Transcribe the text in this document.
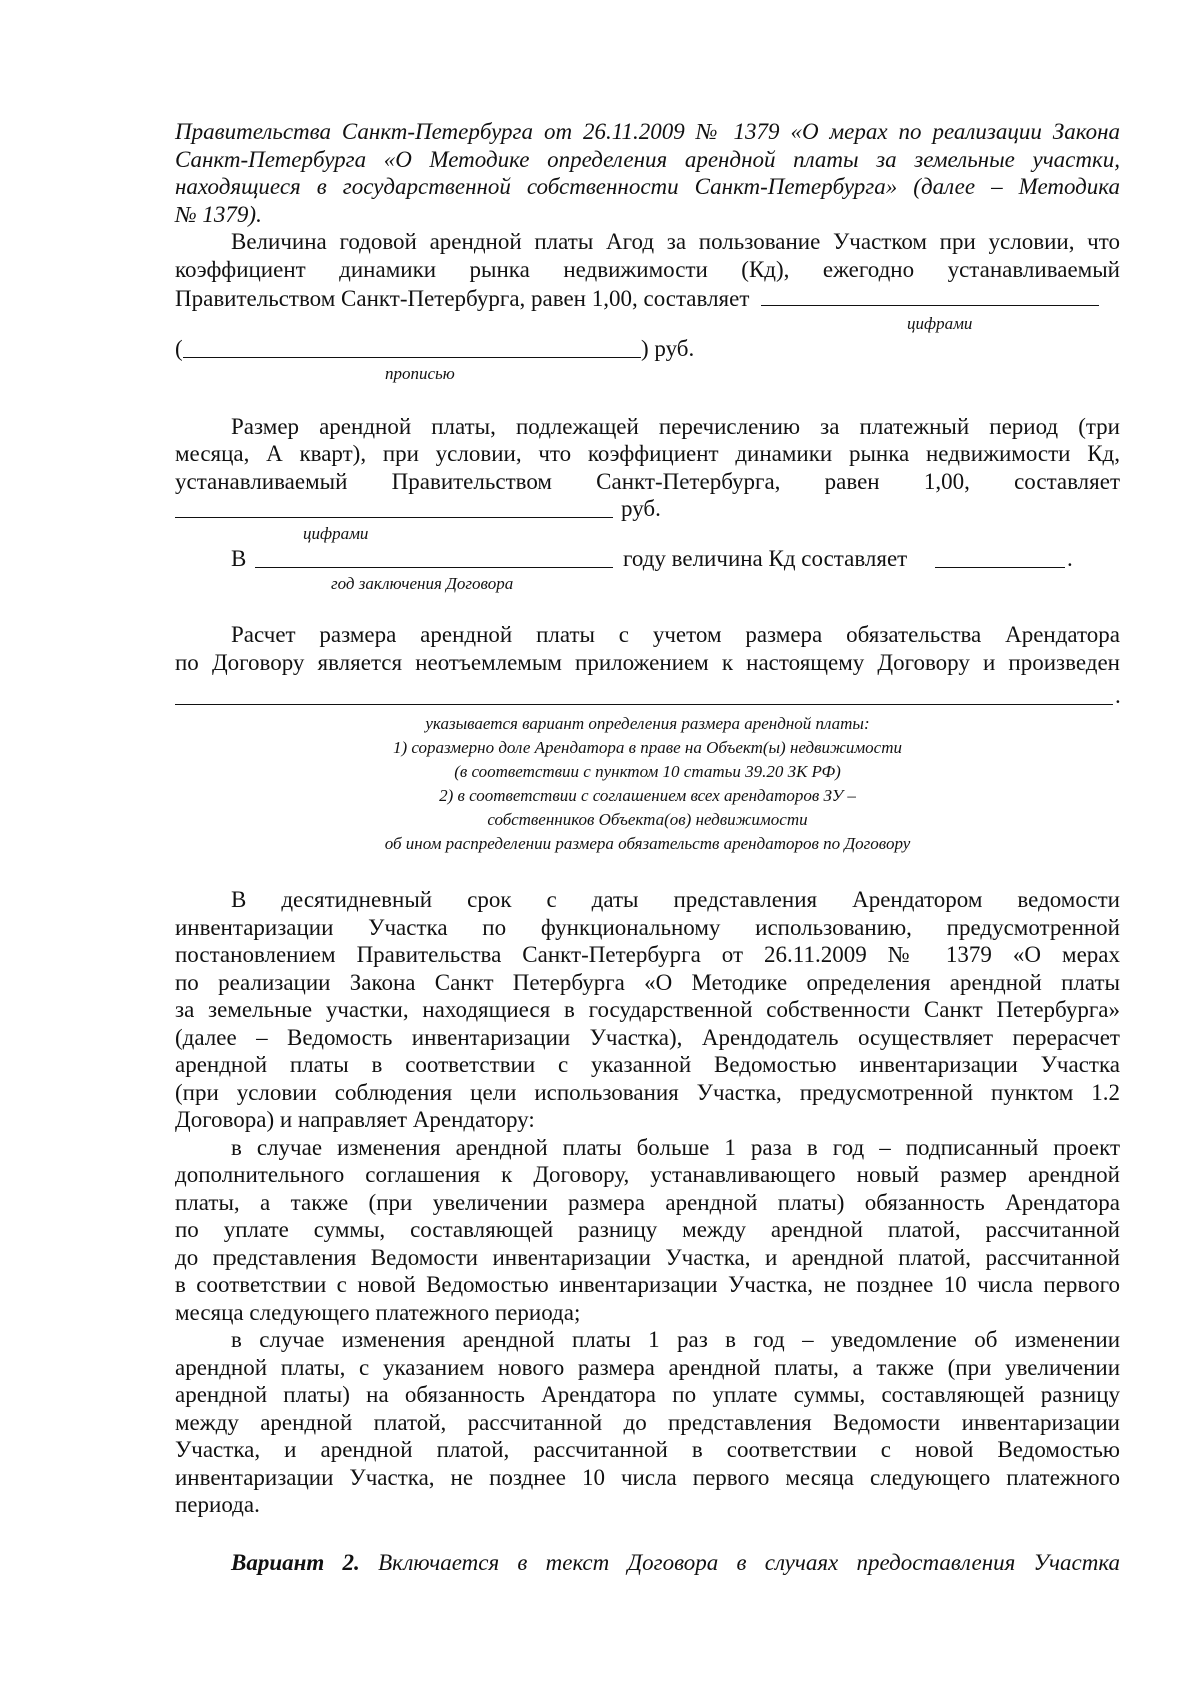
Правительства Санкт-Петербурга от 26.11.2009 № 1379 «О мерах по реализации Закона

Санкт-Петербурга «О Методике определения арендной платы за земельные участки,

находящиеся в государственной собственности Санкт-Петербурга» (далее – Методика

№ 1379).

Величина годовой арендной платы Агод за пользование Участком при условии, что

коэффициент динамики рынка недвижимости (Кд), ежегодно устанавливаемый

Правительством Санкт-Петербурга, равен 1,00, составляет

цифрами
(	) руб.
прописью

Размер арендной платы, подлежащей перечислению за платежный период (три

месяца, А кварт), при условии, что коэффициент динамики рынка недвижимости Кд,

устанавливаемый Правительством Санкт-Петербурга, равен 1,00, составляет

руб.
цифрами
В	году величина Кд составляет	.
год заключения Договора

Расчет размера арендной платы с учетом размера обязательства Арендатора

по Договору является неотъемлемым приложением к настоящему Договору и произведен

.

указывается вариант определения размера арендной платы:

1) соразмерно доле Арендатора в праве на Объект(ы) недвижимости

(в соответствии с пунктом 10 статьи 39.20 ЗК РФ)

2) в соответствии с соглашением всех арендаторов ЗУ –

собственников Объекта(ов) недвижимости

об ином распределении размера обязательств арендаторов по Договору

В десятидневный срок с даты представления Арендатором ведомости

инвентаризации Участка по функциональному использованию, предусмотренной

постановлением Правительства Санкт-Петербурга от 26.11.2009 № 1379 «О мерах

по реализации Закона Санкт Петербурга «О Методике определения арендной платы

за земельные участки, находящиеся в государственной собственности Санкт Петербурга»

(далее – Ведомость инвентаризации Участка), Арендодатель осуществляет перерасчет

арендной платы в соответствии с указанной Ведомостью инвентаризации Участка

(при условии соблюдения цели использования Участка, предусмотренной пунктом 1.2

Договора) и направляет Арендатору:

в случае изменения арендной платы больше 1 раза в год – подписанный проект

дополнительного соглашения к Договору, устанавливающего новый размер арендной

платы, а также (при увеличении размера арендной платы) обязанность Арендатора

по уплате суммы, составляющей разницу между арендной платой, рассчитанной

до представления Ведомости инвентаризации Участка, и арендной платой, рассчитанной

в соответствии с новой Ведомостью инвентаризации Участка, не позднее 10 числа первого

месяца следующего платежного периода;

в случае изменения арендной платы 1 раз в год – уведомление об изменении

арендной платы, с указанием нового размера арендной платы, а также (при увеличении

арендной платы) на обязанность Арендатора по уплате суммы, составляющей разницу

между арендной платой, рассчитанной до представления Ведомости инвентаризации

Участка, и арендной платой, рассчитанной в соответствии с новой Ведомостью

инвентаризации Участка, не позднее 10 числа первого месяца следующего платежного

периода.

Вариант 2. Включается в текст Договора в случаях предоставления Участка
